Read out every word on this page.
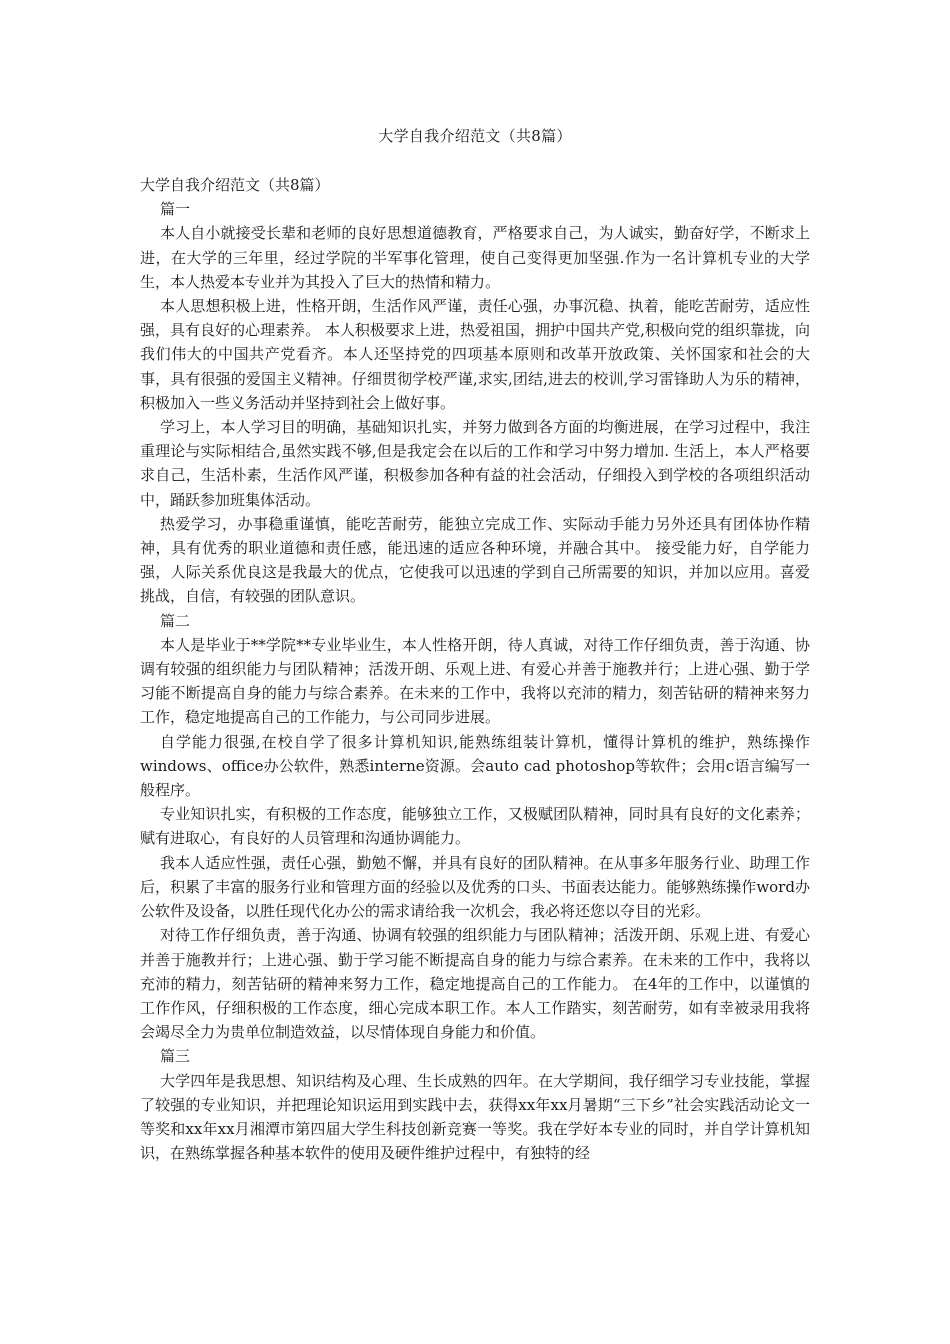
大学自我介绍范文（共8篇）

大学自我介绍范文（共8篇）

篇一

本人自小就接受长辈和老师的良好思想道德教育，严格要求自己，为人诚实，勤奋好学，不断求上进，在大学的三年里，经过学院的半军事化管理，使自己变得更加坚强.作为一名计算机专业的大学生，本人热爱本专业并为其投入了巨大的热情和精力。

本人思想积极上进，性格开朗，生活作风严谨，责任心强，办事沉稳、执着，能吃苦耐劳，适应性强，具有良好的心理素养。 本人积极要求上进，热爱祖国，拥护中国共产党,积极向党的组织靠拢，向我们伟大的中国共产党看齐。本人还坚持党的四项基本原则和改革开放政策、关怀国家和社会的大事，具有很强的爱国主义精神。仔细贯彻学校严谨,求实,团结,进去的校训,学习雷锋助人为乐的精神，积极加入一些义务活动并坚持到社会上做好事。

学习上，本人学习目的明确，基础知识扎实，并努力做到各方面的均衡进展，在学习过程中，我注重理论与实际相结合,虽然实践不够,但是我定会在以后的工作和学习中努力增加. 生活上，本人严格要求自己，生活朴素，生活作风严谨，积极参加各种有益的社会活动，仔细投入到学校的各项组织活动中，踊跃参加班集体活动。

热爱学习，办事稳重谨慎，能吃苦耐劳，能独立完成工作、实际动手能力另外还具有团体协作精神，具有优秀的职业道德和责任感，能迅速的适应各种环境，并融合其中。 接受能力好，自学能力强，人际关系优良这是我最大的优点，它使我可以迅速的学到自己所需要的知识，并加以应用。喜爱挑战，自信，有较强的团队意识。

篇二

本人是毕业于**学院**专业毕业生，本人性格开朗，待人真诚，对待工作仔细负责，善于沟通、协调有较强的组织能力与团队精神；活泼开朗、乐观上进、有爱心并善于施教并行；上进心强、勤于学习能不断提高自身的能力与综合素养。在未来的工作中，我将以充沛的精力，刻苦钻研的精神来努力工作，稳定地提高自己的工作能力，与公司同步进展。

自学能力很强,在校自学了很多计算机知识,能熟练组装计算机，懂得计算机的维护，熟练操作windows、office办公软件，熟悉interne资源。会auto cad photoshop等软件；会用c语言编写一般程序。

专业知识扎实，有积极的工作态度，能够独立工作，又极赋团队精神，同时具有良好的文化素养；赋有进取心，有良好的人员管理和沟通协调能力。

我本人适应性强，责任心强，勤勉不懈，并具有良好的团队精神。在从事多年服务行业、助理工作后，积累了丰富的服务行业和管理方面的经验以及优秀的口头、书面表达能力。能够熟练操作word办公软件及设备，以胜任现代化办公的需求请给我一次机会，我必将还您以夺目的光彩。

对待工作仔细负责，善于沟通、协调有较强的组织能力与团队精神；活泼开朗、乐观上进、有爱心并善于施教并行；上进心强、勤于学习能不断提高自身的能力与综合素养。在未来的工作中，我将以充沛的精力，刻苦钻研的精神来努力工作，稳定地提高自己的工作能力。 在4年的工作中，以谨慎的工作作风，仔细积极的工作态度，细心完成本职工作。本人工作踏实，刻苦耐劳，如有幸被录用我将会竭尽全力为贵单位制造效益，以尽情体现自身能力和价值。

篇三

大学四年是我思想、知识结构及心理、生长成熟的四年。在大学期间，我仔细学习专业技能，掌握了较强的专业知识，并把理论知识运用到实践中去，获得xx年xx月暑期“三下乡”社会实践活动论文一等奖和xx年xx月湘潭市第四届大学生科技创新竞赛一等奖。我在学好本专业的同时，并自学计算机知识，在熟练掌握各种基本软件的使用及硬件维护过程中，有独特的经
